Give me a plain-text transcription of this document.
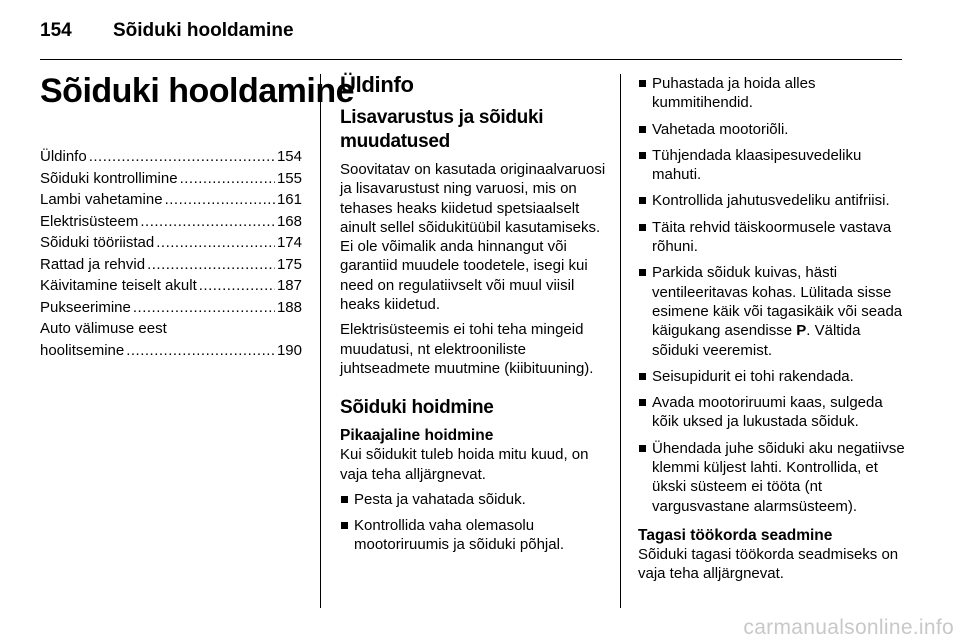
154 Sõiduki hooldamine
Sõiduki hooldamine
Üldinfo .....	154
Sõiduki kontrollimine .....	155
Lambi vahetamine .....	161
Elektrisüsteem .....	168
Sõiduki tööriistad .....	174
Rattad ja rehvid .....	175
Käivitamine teiselt akult .....	187
Pukseerimine .....	188
Auto välimuse eest
hoolitsemine .....	190
Üldinfo
Lisavarustus ja sõiduki muudatused

Soovitatav on kasutada originaalvaruosi ja lisavarustust ning varuosi, mis on tehases heaks kiidetud spetsiaalselt ainult sellel sõidukitüübil kasutamiseks. Ei ole võimalik anda hinnangut või garantiid muudele toodetele, isegi kui need on regulatiivselt või muul viisil heaks kiidetud.

Elektrisüsteemis ei tohi teha mingeid muudatusi, nt elektrooniliste juhtseadmete muutmine (kiibituuning).

Sõiduki hoidmine
Pikaajaline hoidmine

Kui sõidukit tuleb hoida mitu kuud, on vaja teha alljärgnevat.

Pesta ja vahatada sõiduk.
Kontrollida vaha olemasolu mootoriruumis ja sõiduki põhjal.
Puhastada ja hoida alles kummitihendid.
Vahetada mootoriõli.
Tühjendada klaasipesuvedeliku mahuti.
Kontrollida jahutusvedeliku antifriisi.
Täita rehvid täiskoormusele vastava rõhuni.
Parkida sõiduk kuivas, hästi ventileeritavas kohas. Lülitada sisse esimene käik või tagasikäik või seada käigukang asendisse P. Vältida sõiduki veeremist.
Seisupidurit ei tohi rakendada.
Avada mootoriruumi kaas, sulgeda kõik uksed ja lukustada sõiduk.
Ühendada juhe sõiduki aku negatiivse klemmi küljest lahti. Kontrollida, et ükski süsteem ei tööta (nt vargusvastane alarmsüsteem).
Tagasi töökorda seadmine

Sõiduki tagasi töökorda seadmiseks on vaja teha alljärgnevat.

carmanualsonline.info
